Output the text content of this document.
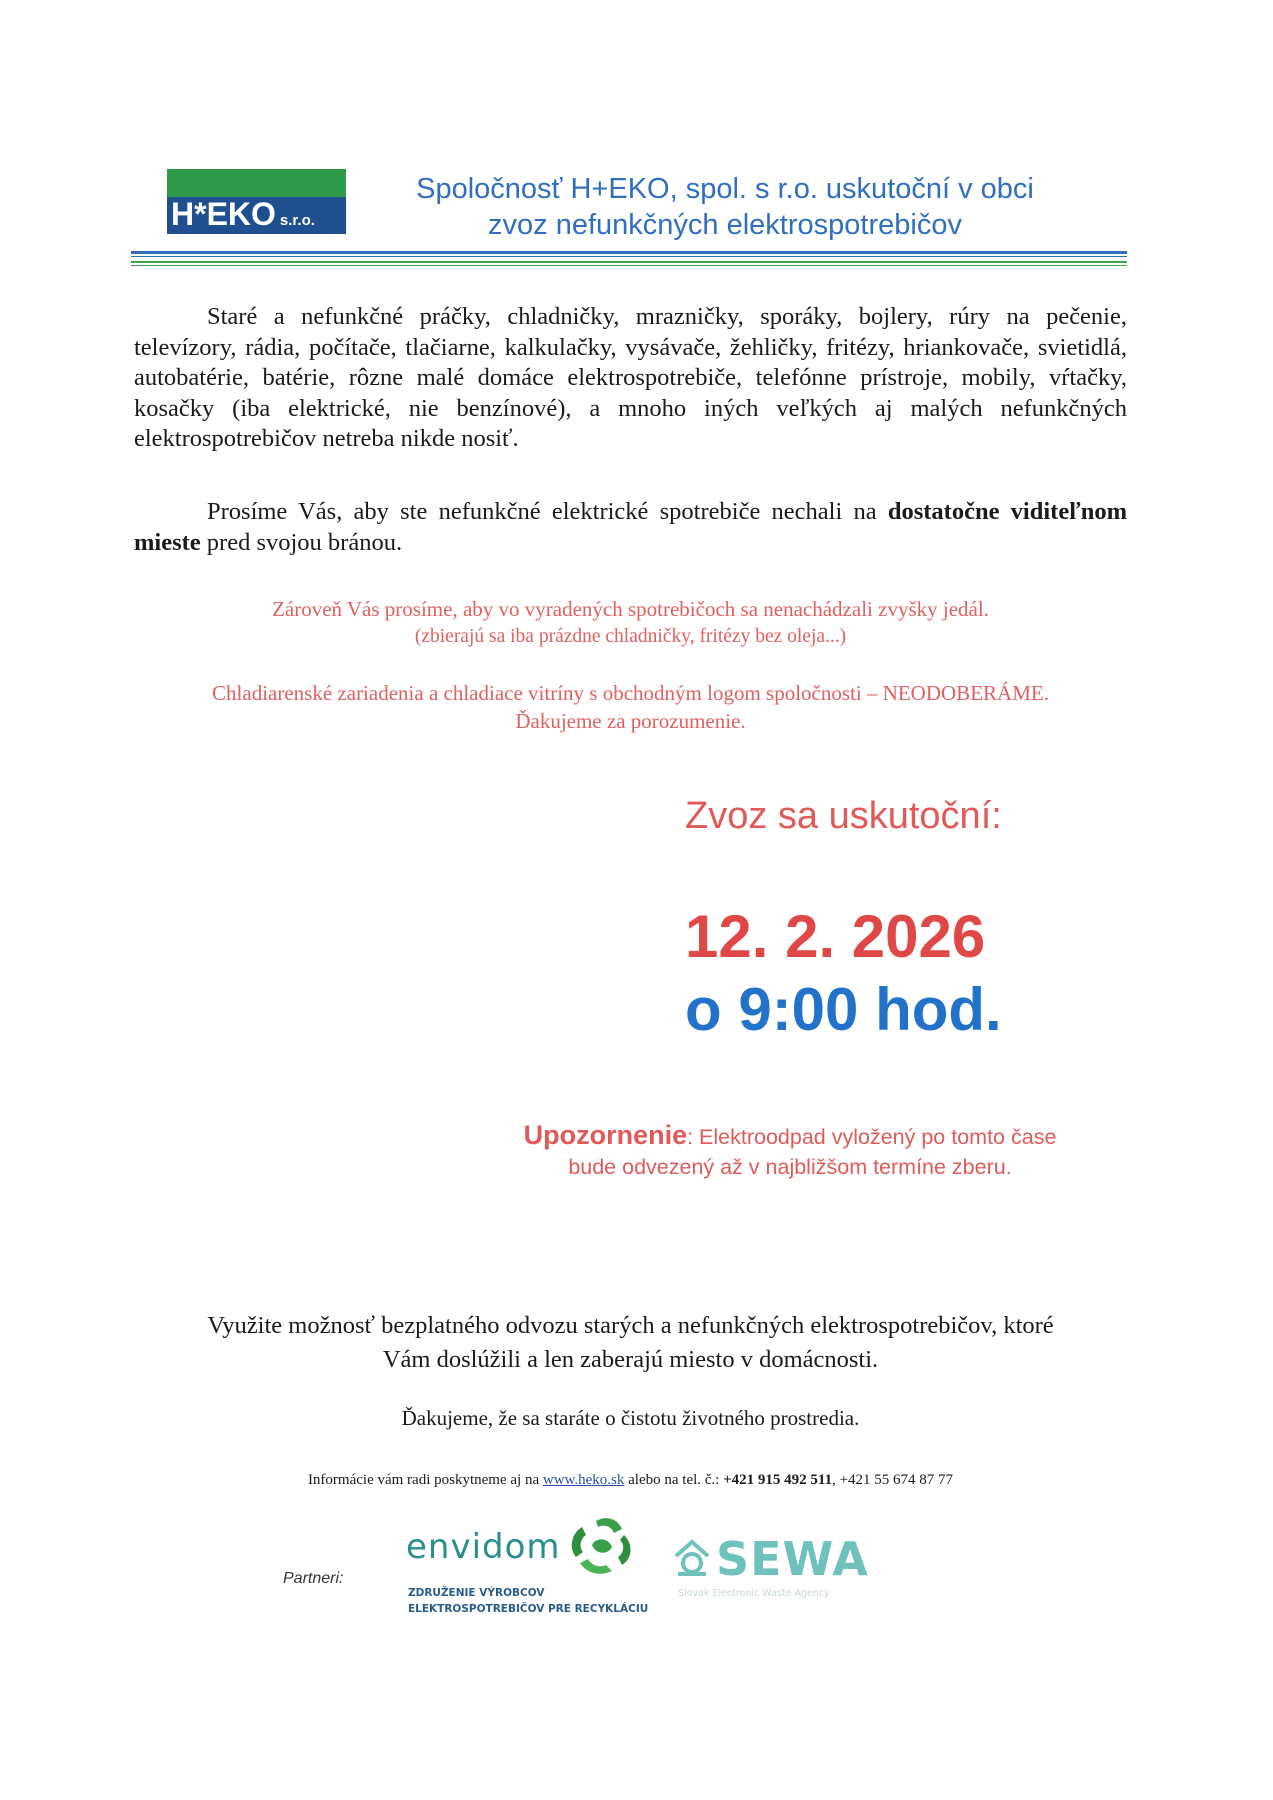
H*EKO s.r.o.
Spoločnosť H+EKO, spol. s r.o. uskutoční v obci
zvoz nefunkčných elektrospotrebičov
Staré a nefunkčné práčky, chladničky, mrazničky, sporáky, bojlery, rúry na pečenie, televízory, rádia, počítače, tlačiarne, kalkulačky, vysávače, žehličky, fritézy, hriankovače, svietidlá, autobatérie, batérie, rôzne malé domáce elektrospotrebiče, telefónne prístroje, mobily, vŕtačky, kosačky (iba elektrické, nie benzínové), a mnoho iných veľkých aj malých nefunkčných elektrospotrebičov netreba nikde nosiť.
Prosíme Vás, aby ste nefunkčné elektrické spotrebiče nechali na dostatočne viditeľnom mieste pred svojou bránou.
Zároveň Vás prosíme, aby vo vyradených spotrebičoch sa nenachádzali zvyšky jedál.
(zbierajú sa iba prázdne chladničky, fritézy bez oleja...)
Chladiarenské zariadenia a chladiace vitríny s obchodným logom spoločnosti – NEODOBERÁME.
Ďakujeme za porozumenie.
Zvoz sa uskutoční:
12. 2. 2026
o 9:00 hod.
Upozornenie: Elektroodpad vyložený po tomto čase
bude odvezený až v najbližšom termíne zberu.
Využite možnosť bezplatného odvozu starých a nefunkčných elektrospotrebičov, ktoré
Vám doslúžili a len zaberajú miesto v domácnosti.
Ďakujeme, že sa staráte o čistotu životného prostredia.
Informácie vám radi poskytneme aj na www.heko.sk alebo na tel. č.: +421 915 492 511, +421 55 674 87 77
Partneri:
envidom
ZDRUŽENIE VÝROBCOV
ELEKTROSPOTREBIČOV PRE RECYKLÁCIU
SEWA
Slovak Electronic Waste Agency
